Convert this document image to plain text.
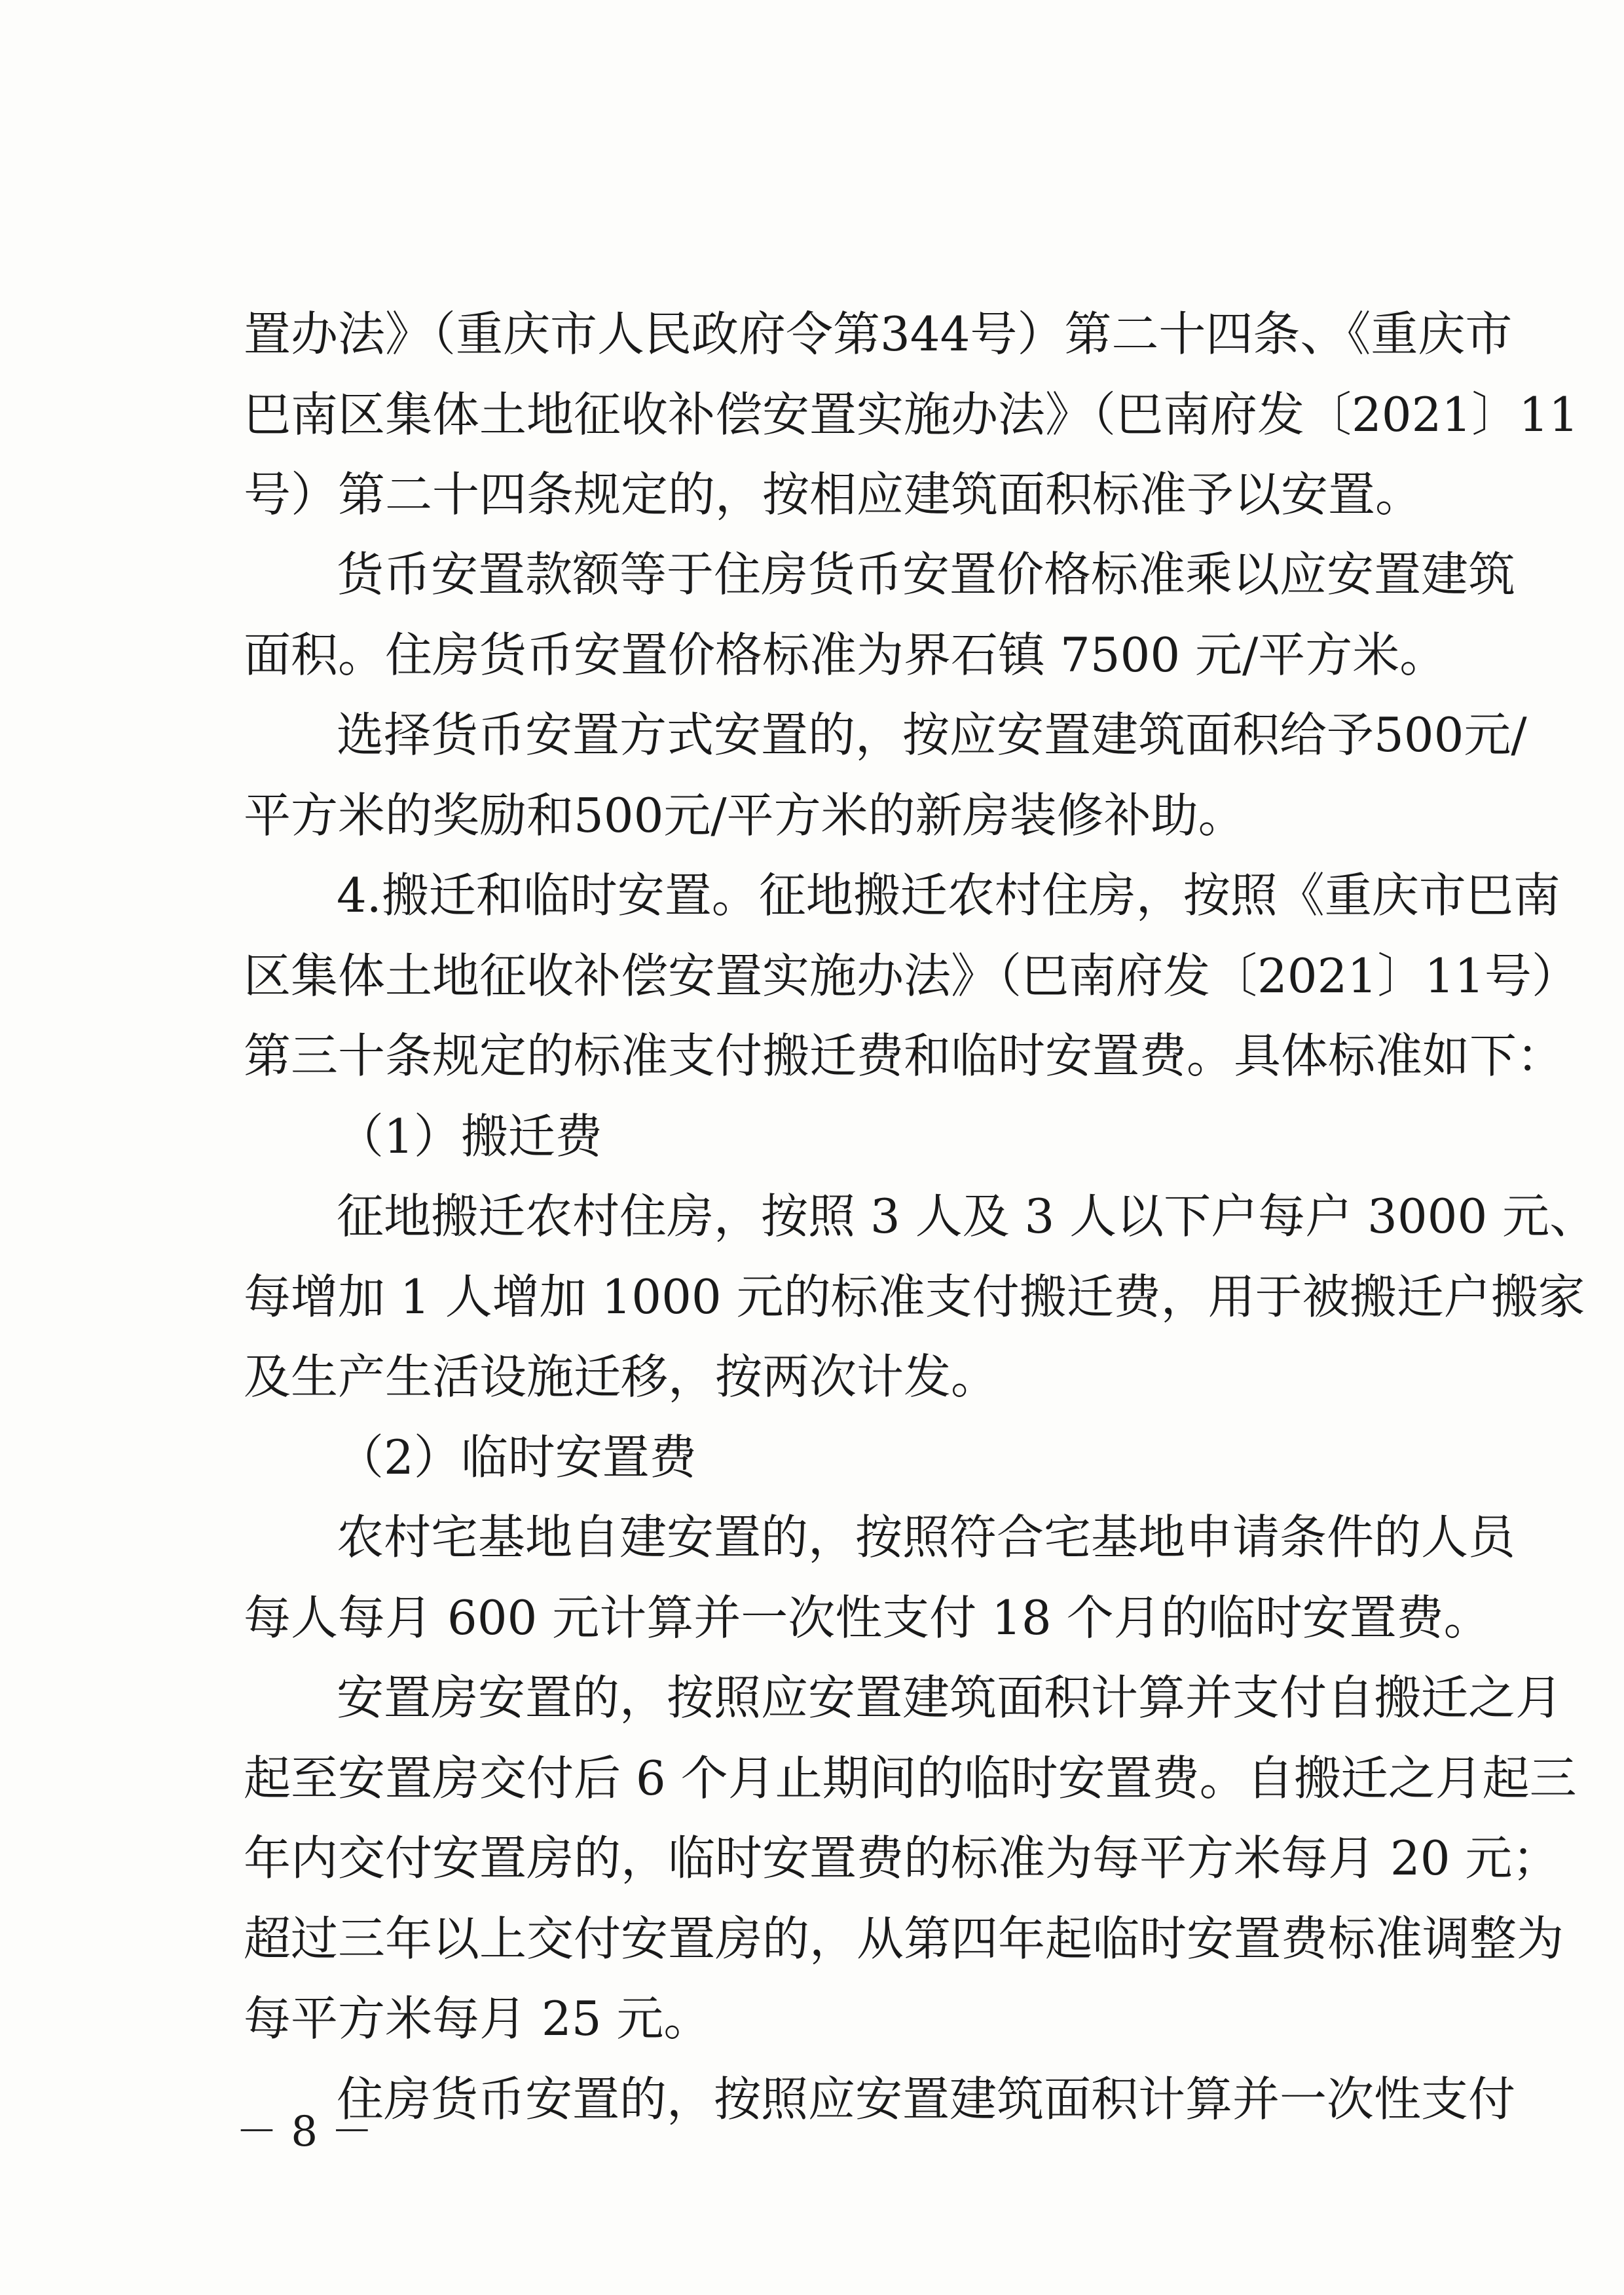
置办法》（重庆市人民政府令第344号）第二十四条、《重庆市
巴南区集体土地征收补偿安置实施办法》（巴南府发〔2021〕11
号）第二十四条规定的，按相应建筑面积标准予以安置。
货币安置款额等于住房货币安置价格标准乘以应安置建筑
面积。住房货币安置价格标准为界石镇 7500 元/平方米。
选择货币安置方式安置的，按应安置建筑面积给予500元/
平方米的奖励和500元/平方米的新房装修补助。
4.搬迁和临时安置。征地搬迁农村住房，按照《重庆市巴南
区集体土地征收补偿安置实施办法》（巴南府发〔2021〕11号）
第三十条规定的标准支付搬迁费和临时安置费。具体标准如下：
（1）搬迁费
征地搬迁农村住房，按照 3 人及 3 人以下户每户 3000 元、
每增加 1 人增加 1000 元的标准支付搬迁费，用于被搬迁户搬家
及生产生活设施迁移，按两次计发。
（2）临时安置费
农村宅基地自建安置的，按照符合宅基地申请条件的人员
每人每月 600 元计算并一次性支付 18 个月的临时安置费。
安置房安置的，按照应安置建筑面积计算并支付自搬迁之月
起至安置房交付后 6 个月止期间的临时安置费。自搬迁之月起三
年内交付安置房的，临时安置费的标准为每平方米每月 20 元；
超过三年以上交付安置房的，从第四年起临时安置费标准调整为
每平方米每月 25 元。
住房货币安置的，按照应安置建筑面积计算并一次性支付
－ 8 －
